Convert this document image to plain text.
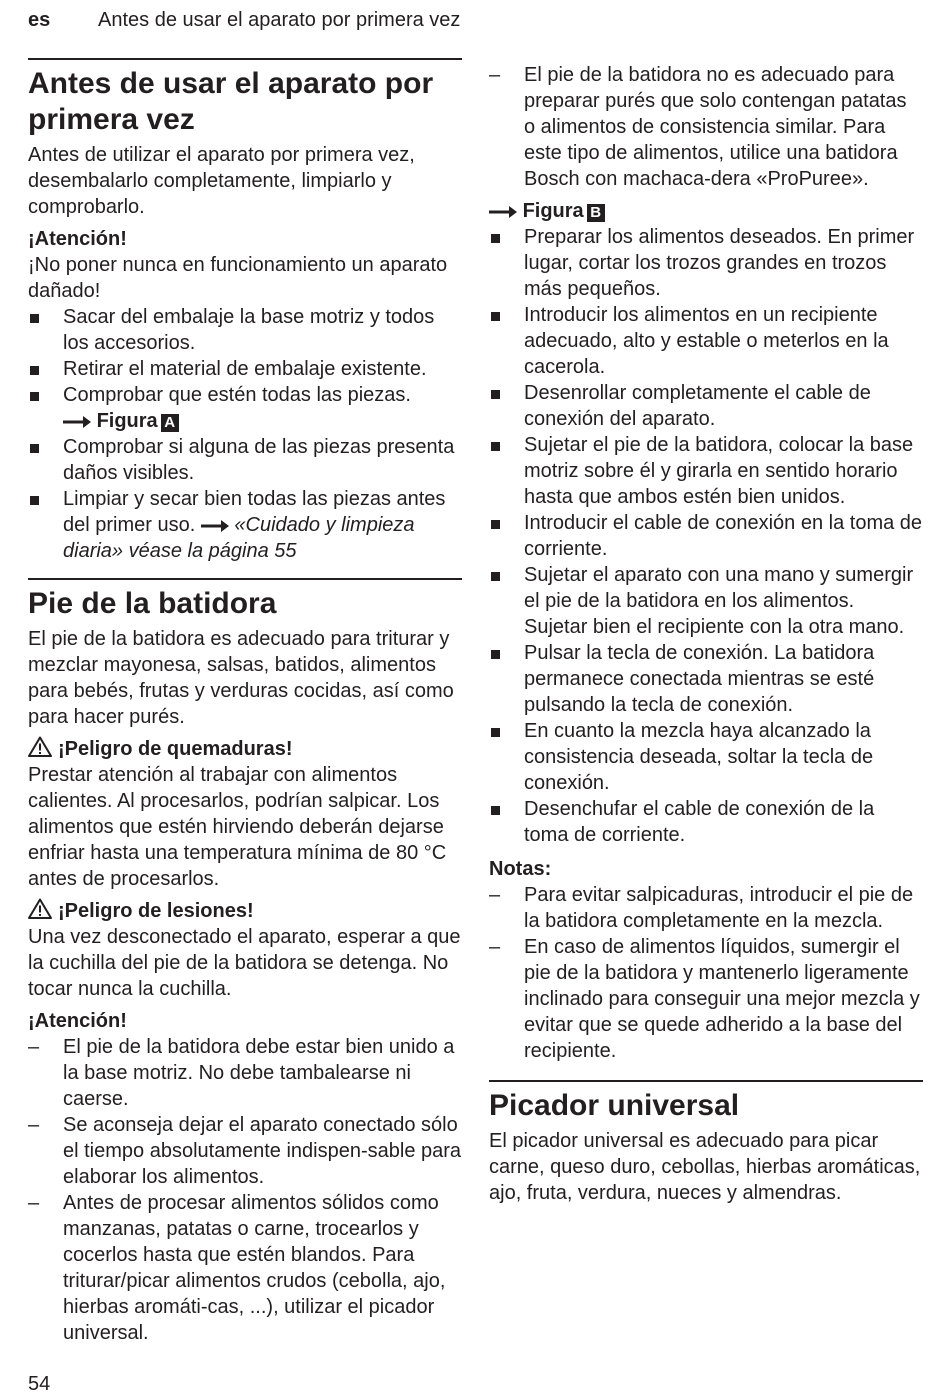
es Antes de usar el aparato por primera vez
Antes de usar el aparato por primera vez

Antes de utilizar el aparato por primera vez, desembalarlo completamente, limpiarlo y comprobarlo.

¡Atención!

¡No poner nunca en funcionamiento un aparato dañado!

Sacar del embalaje la base motriz y todos los accesorios.
Retirar el material de embalaje existente.
Comprobar que estén todas las piezas.
Figura A
Comprobar si alguna de las piezas presenta daños visibles.
Limpiar y secar bien todas las piezas antes del primer uso. «Cuidado y limpieza diaria» véase la página 55
Pie de la batidora

El pie de la batidora es adecuado para triturar y mezclar mayonesa, salsas, batidos, alimentos para bebés, frutas y verduras cocidas, así como para hacer purés.

¡Peligro de quemaduras!

Prestar atención al trabajar con alimentos calientes. Al procesarlos, podrían salpicar. Los alimentos que estén hirviendo deberán dejarse enfriar hasta una temperatura mínima de 80 °C antes de procesarlos.

¡Peligro de lesiones!

Una vez desconectado el aparato, esperar a que la cuchilla del pie de la batidora se detenga. No tocar nunca la cuchilla.

¡Atención!

– El pie de la batidora debe estar bien unido a la base motriz. No debe tambalearse ni caerse.
– Se aconseja dejar el aparato conectado sólo el tiempo absolutamente indispen-sable para elaborar los alimentos.
– Antes de procesar alimentos sólidos como manzanas, patatas o carne, trocearlos y cocerlos hasta que estén blandos. Para triturar/picar alimentos crudos (cebolla, ajo, hierbas aromáti-cas, ...), utilizar el picador universal.
– El pie de la batidora no es adecuado para preparar purés que solo contengan patatas o alimentos de consistencia similar. Para este tipo de alimentos, utilice una batidora Bosch con machaca-dera «ProPuree».
Figura B
Preparar los alimentos deseados. En primer lugar, cortar los trozos grandes en trozos más pequeños.
Introducir los alimentos en un recipiente adecuado, alto y estable o meterlos en la cacerola.
Desenrollar completamente el cable de conexión del aparato.
Sujetar el pie de la batidora, colocar la base motriz sobre él y girarla en sentido horario hasta que ambos estén bien unidos.
Introducir el cable de conexión en la toma de corriente.
Sujetar el aparato con una mano y sumergir el pie de la batidora en los alimentos. Sujetar bien el recipiente con la otra mano.
Pulsar la tecla de conexión. La batidora permanece conectada mientras se esté pulsando la tecla de conexión.
En cuanto la mezcla haya alcanzado la consistencia deseada, soltar la tecla de conexión.
Desenchufar el cable de conexión de la toma de corriente.

Notas:

– Para evitar salpicaduras, introducir el pie de la batidora completamente en la mezcla.
– En caso de alimentos líquidos, sumergir el pie de la batidora y mantenerlo ligeramente inclinado para conseguir una mejor mezcla y evitar que se quede adherido a la base del recipiente.
Picador universal

El picador universal es adecuado para picar carne, queso duro, cebollas, hierbas aromáticas, ajo, fruta, verdura, nueces y almendras.

54
